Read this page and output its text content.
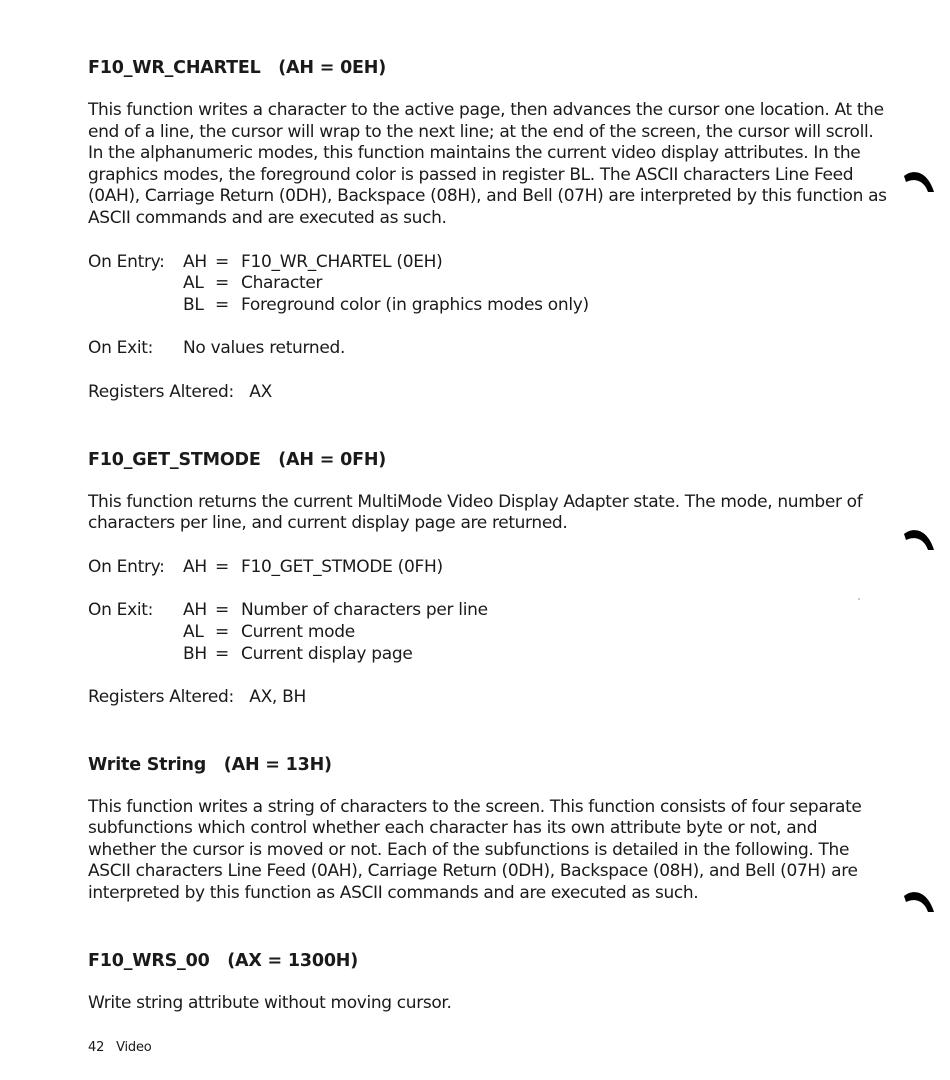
F10_WR_CHARTEL   (AH = 0EH)

This function writes a character to the active page, then advances the cursor one location. At the end of a line, the cursor will wrap to the next line; at the end of the screen, the cursor will scroll. In the alphanumeric modes, this function maintains the current video display attributes. In the graphics modes, the foreground color is passed in register BL. The ASCII characters Line Feed (0AH), Carriage Return (0DH), Backspace (08H), and Bell (07H) are interpreted by this function as ASCII commands and are executed as such.

On Entry:	AH = F10_WR_CHARTEL (0EH)
AL = Character
BL = Foreground color (in graphics modes only)
On Exit:	No values returned.
Registers Altered:   AX
F10_GET_STMODE   (AH = 0FH)

This function returns the current MultiMode Video Display Adapter state. The mode, number of characters per line, and current display page are returned.

On Entry:	AH = F10_GET_STMODE (0FH)
On Exit:	AH = Number of characters per line
AL = Current mode
BH = Current display page
Registers Altered:   AX, BH
Write String   (AH = 13H)

This function writes a string of characters to the screen. This function consists of four separate subfunctions which control whether each character has its own attribute byte or not, and whether the cursor is moved or not. Each of the subfunctions is detailed in the following. The ASCII characters Line Feed (0AH), Carriage Return (0DH), Backspace (08H), and Bell (07H) are interpreted by this function as ASCII commands and are executed as such.

F10_WRS_00   (AX = 1300H)

Write string attribute without moving cursor.

42 Video
